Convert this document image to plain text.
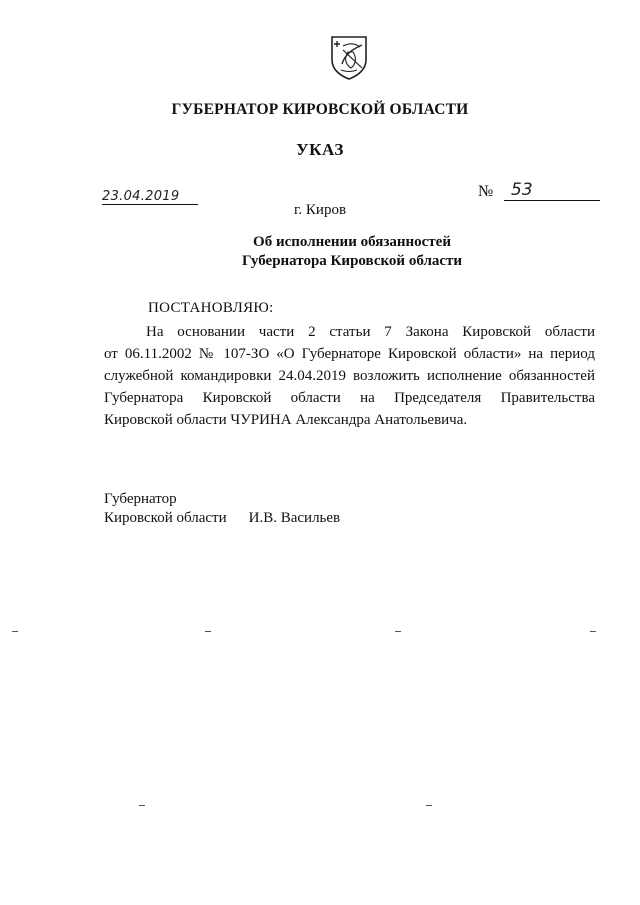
ГУБЕРНАТОР КИРОВСКОЙ ОБЛАСТИ
УКАЗ
23.04.2019	№ 53
г. Киров
Об исполнении обязанностей
Губернатора Кировской области
ПОСТАНОВЛЯЮ:
На основании части 2 статьи 7 Закона Кировской области
от 06.11.2002 № 107-ЗО «О Губернаторе Кировской области» на период
служебной командировки 24.04.2019 возложить исполнение обязанностей
Губернатора Кировской области на Председателя Правительства
Кировской области ЧУРИНА Александра Анатольевича.
Губернатор
Кировской области И.В. Васильев
